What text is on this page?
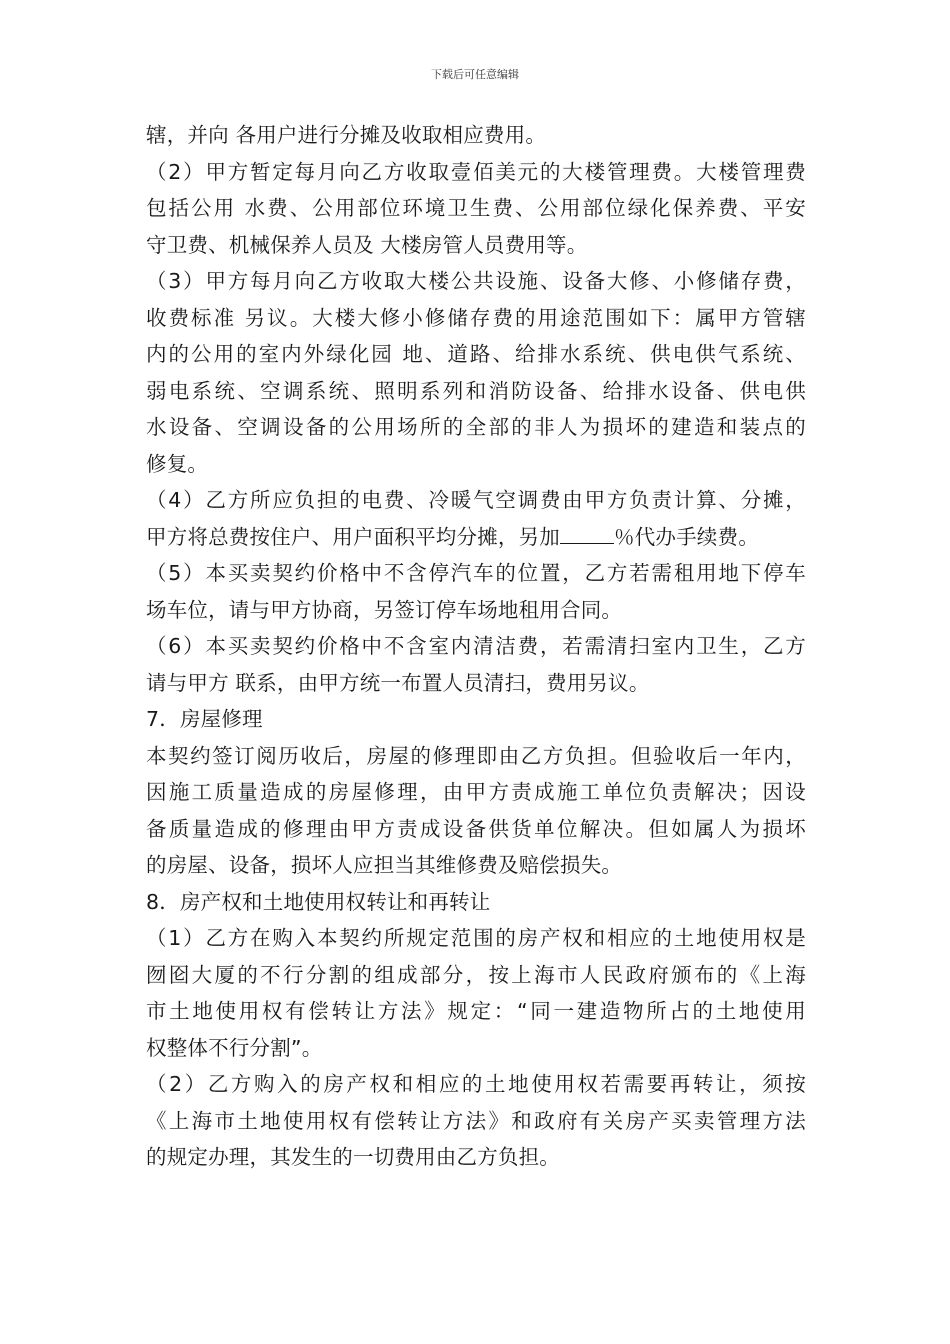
下载后可任意编辑
辖，并向 各用户进行分摊及收取相应费用。
（2）甲方暂定每月向乙方收取壹佰美元的大楼管理费。大楼管理费
包括公用 水费、公用部位环境卫生费、公用部位绿化保养费、平安
守卫费、机械保养人员及 大楼房管人员费用等。
（3）甲方每月向乙方收取大楼公共设施、设备大修、小修储存费，
收费标准 另议。大楼大修小修储存费的用途范围如下：属甲方管辖
内的公用的室内外绿化园 地、道路、给排水系统、供电供气系统、
弱电系统、空调系统、照明系列和消防设备、给排水设备、供电供
水设备、空调设备的公用场所的全部的非人为损坏的建造和装点的
修复。
（4）乙方所应负担的电费、冷暖气空调费由甲方负责计算、分摊，
甲方将总费按住户、用户面积平均分摊，另加	％代办手续费。
（5）本买卖契约价格中不含停汽车的位置，乙方若需租用地下停车
场车位，请与甲方协商，另签订停车场地租用合同。
（6）本买卖契约价格中不含室内清洁费，若需清扫室内卫生，乙方
请与甲方 联系，由甲方统一布置人员清扫，费用另议。
7．房屋修理
本契约签订阅历收后，房屋的修理即由乙方负担。但验收后一年内，
因施工质量造成的房屋修理，由甲方责成施工单位负责解决；因设
备质量造成的修理由甲方责成设备供货单位解决。但如属人为损坏
的房屋、设备，损坏人应担当其维修费及赔偿损失。
8．房产权和土地使用权转让和再转让
（1）乙方在购入本契约所规定范围的房产权和相应的土地使用权是
囫囵大厦的不行分割的组成部分，按上海市人民政府颁布的《上海
市土地使用权有偿转让方法》规定：“同一建造物所占的土地使用
权整体不行分割”。
（2）乙方购入的房产权和相应的土地使用权若需要再转让，须按
《上海市土地使用权有偿转让方法》和政府有关房产买卖管理方法
的规定办理，其发生的一切费用由乙方负担。
